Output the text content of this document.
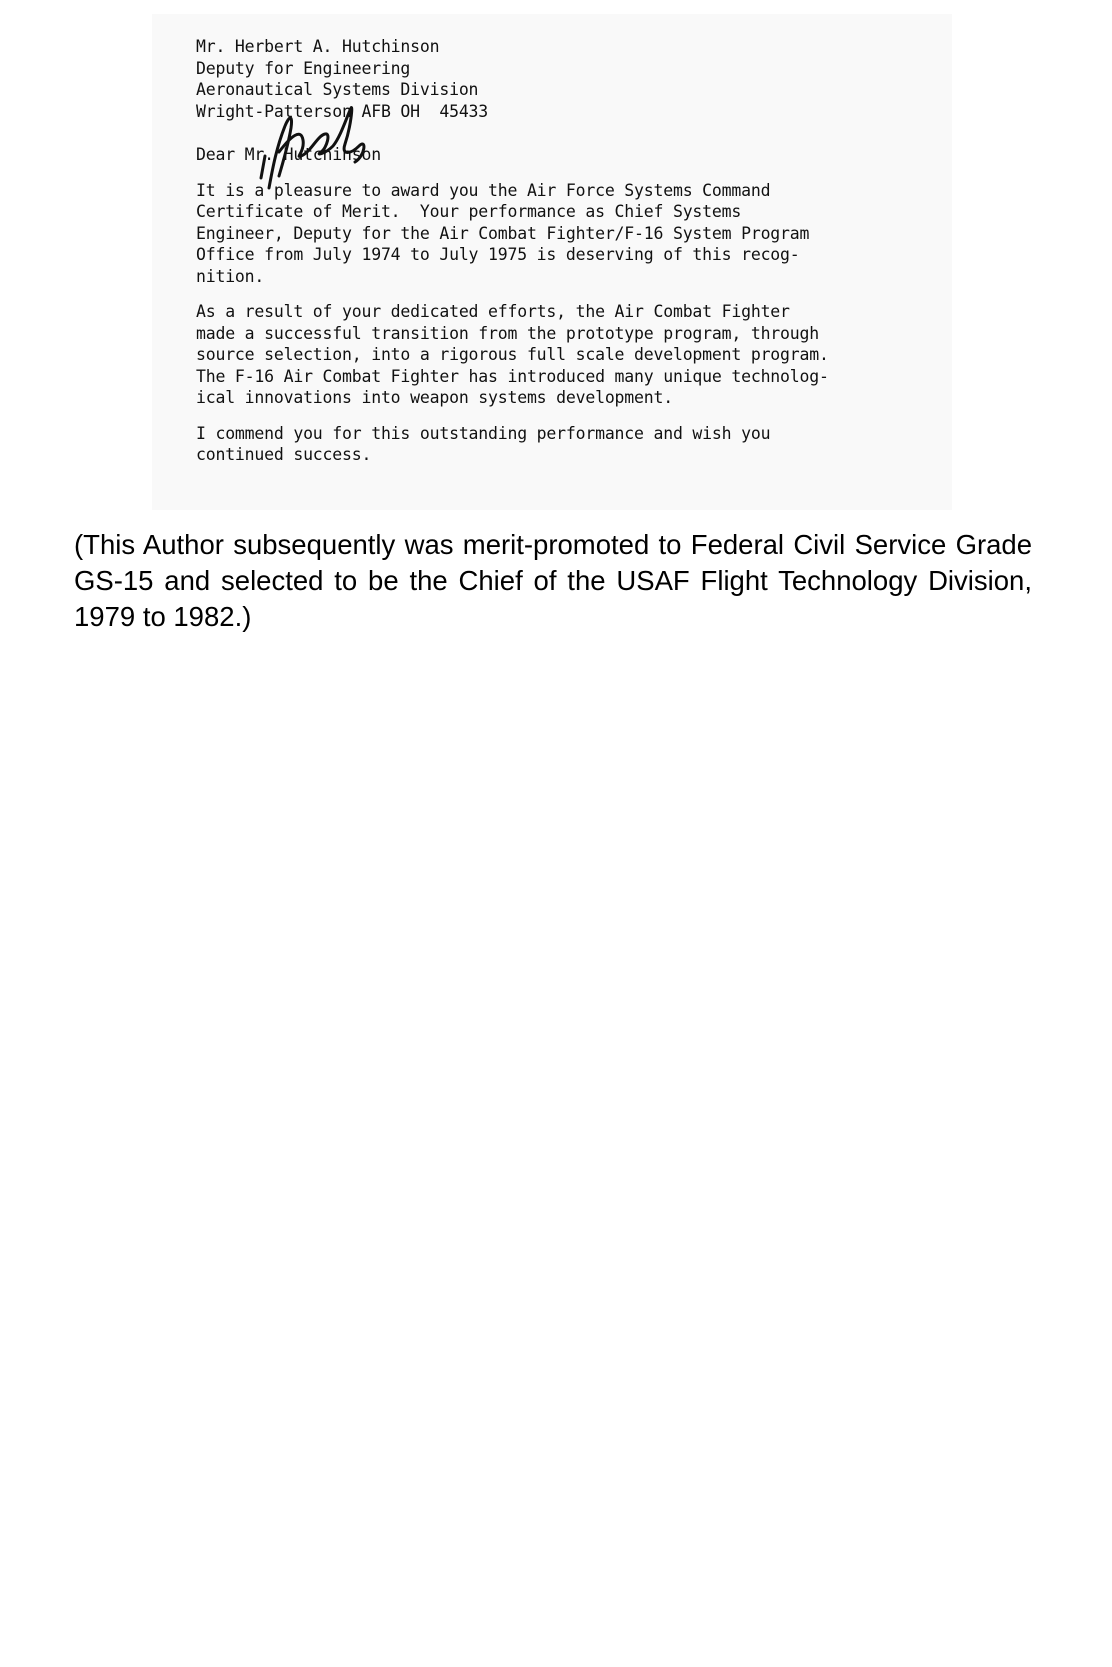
Mr. Herbert A. Hutchinson
Deputy for Engineering
Aeronautical Systems Division
Wright-Patterson AFB OH  45433
Dear Mr. Hutchinson
It is a pleasure to award you the Air Force Systems Command
Certificate of Merit.  Your performance as Chief Systems
Engineer, Deputy for the Air Combat Fighter/F-16 System Program
Office from July 1974 to July 1975 is deserving of this recog-
nition.
As a result of your dedicated efforts, the Air Combat Fighter
made a successful transition from the prototype program, through
source selection, into a rigorous full scale development program.
The F-16 Air Combat Fighter has introduced many unique technolog-
ical innovations into weapon systems development.
I commend you for this outstanding performance and wish you
continued success.
(This Author subsequently was merit-promoted to Federal Civil Service Grade GS-15 and selected to be the Chief of the USAF Flight Technology Division, 1979 to 1982.)
